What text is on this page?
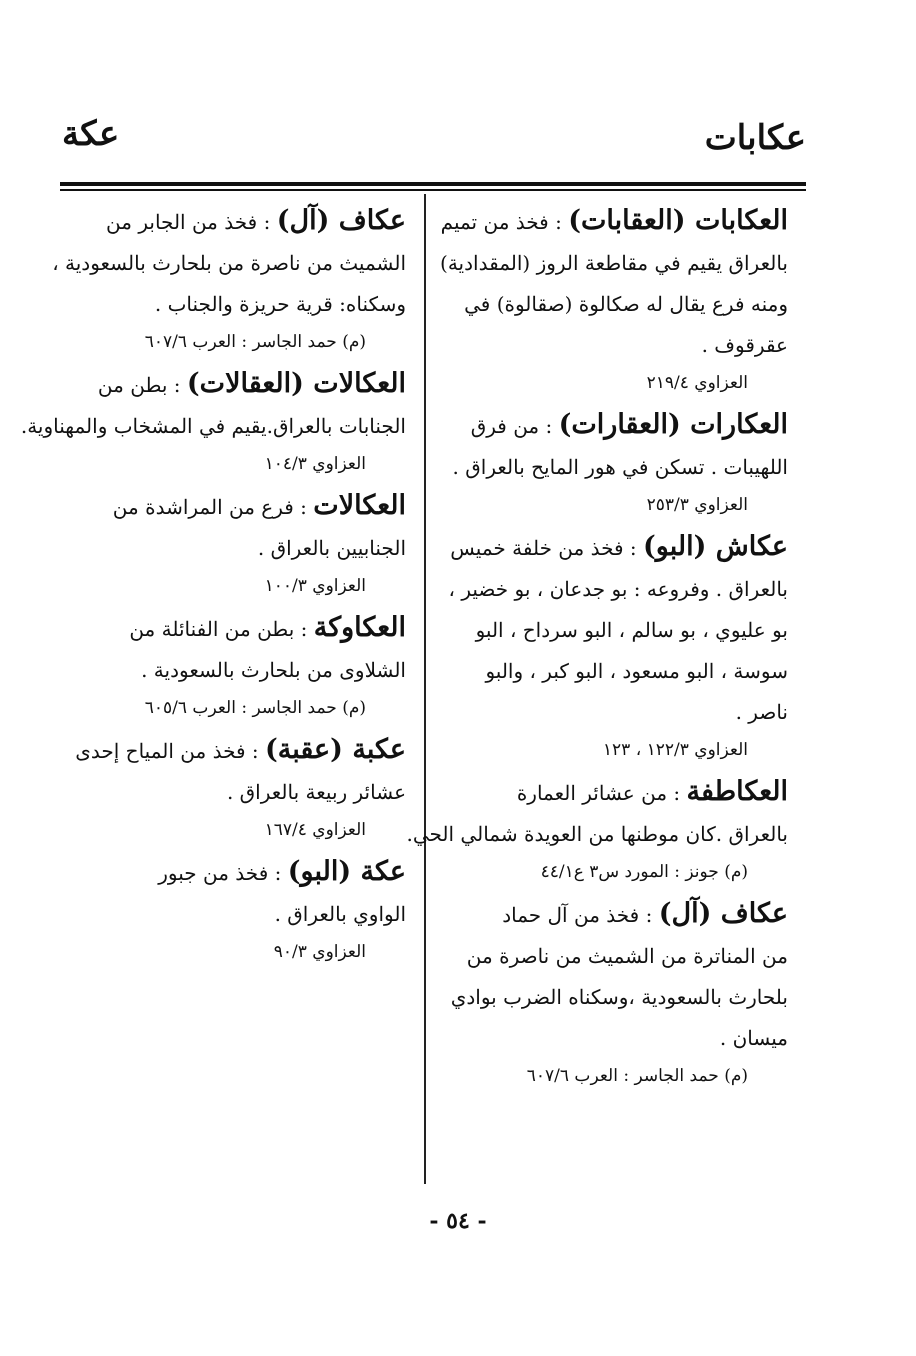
عكابات
عكة
العكابات (العقابات) : فخذ من تميم
بالعراق يقيم في مقاطعة الروز (المقدادية)
ومنه فرع يقال له صكالوة (صقالوة) في
عقرقوف .
العزاوي ٢١٩/٤
العكارات (العقارات) : من فرق
اللهيبات . تسكن في هور المايح بالعراق .
العزاوي ٢٥٣/٣
عكاش (البو) : فخذ من خلفة خميس
بالعراق . وفروعه : بو جدعان ، بو خضير ،
بو عليوي ، بو سالم ، البو سرداح ، البو
سوسة ، البو مسعود ، البو كبر ، والبو
ناصر .
العزاوي ١٢٢/٣ ، ١٢٣
العكاطفة : من عشائر العمارة
بالعراق .كان موطنها من العويدة شمالي الحي.
(م) جونز : المورد س٣ ع٤٤/١
عكاف (آل) : فخذ من آل حماد
من المناترة من الشميث من ناصرة من
بلحارث بالسعودية ،وسكناه الضرب بوادي
ميسان .
(م) حمد الجاسر : العرب ٦٠٧/٦
عكاف (آل) : فخذ من الجابر من
الشميث من ناصرة من بلحارث بالسعودية ،
وسكناه: قرية حريزة والجناب .
(م) حمد الجاسر : العرب ٦٠٧/٦
العكالات (العقالات) : بطن من
الجنابات بالعراق.يقيم في المشخاب والمهناوية.
العزاوي ١٠٤/٣
العكالات : فرع من المراشدة من
الجنابيين بالعراق .
العزاوي ١٠٠/٣
العكاوكة : بطن من الفنائلة من
الشلاوى من بلحارث بالسعودية .
(م) حمد الجاسر : العرب ٦٠٥/٦
عكبة (عقبة) : فخذ من المياح إحدى
عشائر ربيعة بالعراق .
العزاوي ١٦٧/٤
عكة (البو) : فخذ من جبور
الواوي بالعراق .
العزاوي ٩٠/٣
- ٥٤ -
